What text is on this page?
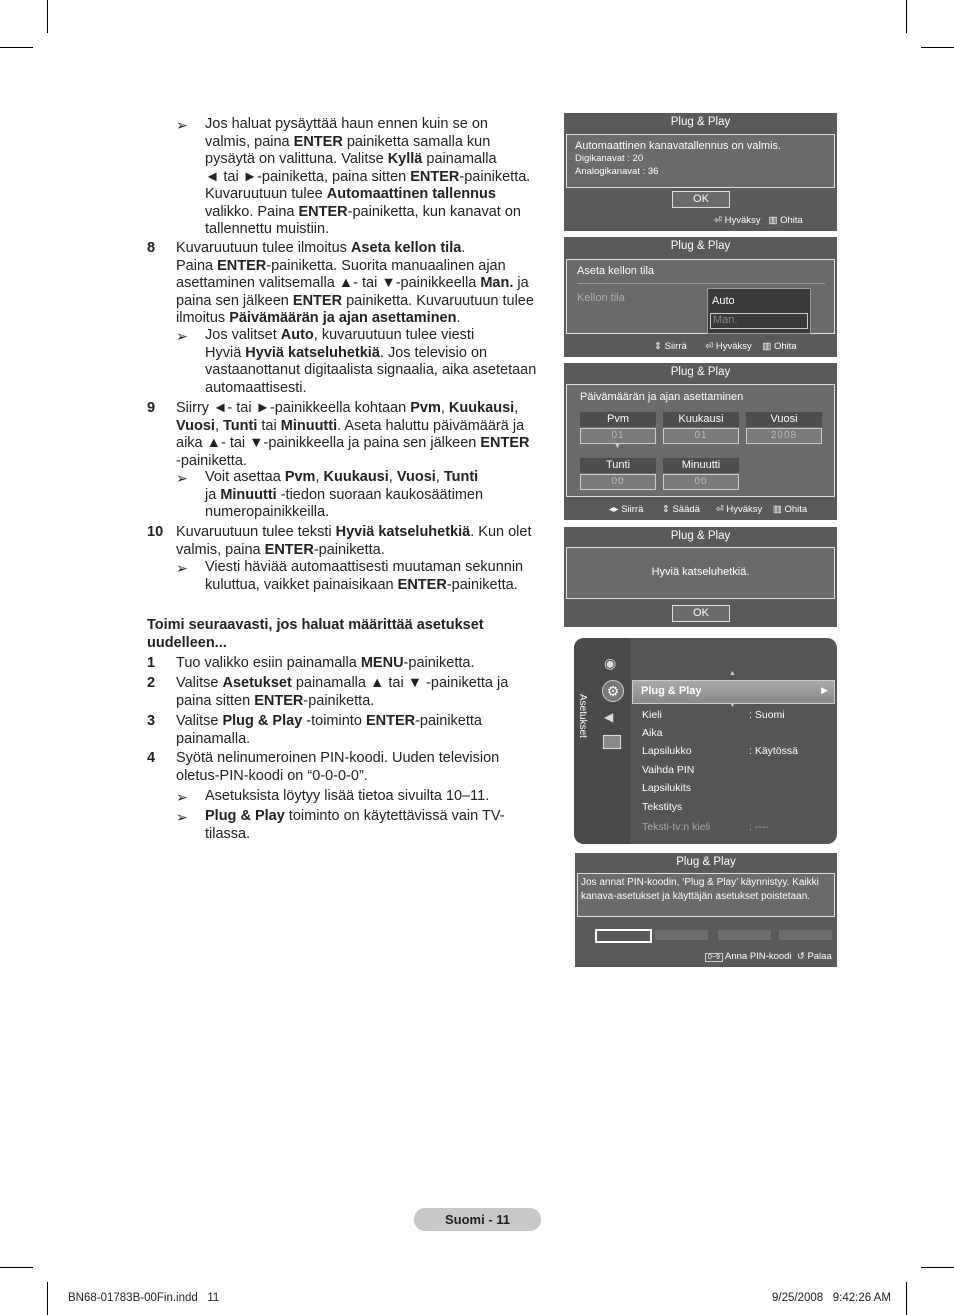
➢ Jos haluat pysäyttää haun ennen kuin se on
valmis, paina ENTER painiketta samalla kun
pysäytä on valittuna. Valitse Kyllä painamalla
◄ tai ►-painiketta, paina sitten ENTER-painiketta.
Kuvaruutuun tulee Automaattinen tallennus
valikko. Paina ENTER-painiketta, kun kanavat on
tallennettu muistiin.
8 Kuvaruutuun tulee ilmoitus Aseta kellon tila.
Paina ENTER-painiketta. Suorita manuaalinen ajan
asettaminen valitsemalla ▲- tai ▼-painikkeella Man. ja
paina sen jälkeen ENTER painiketta. Kuvaruutuun tulee
ilmoitus Päivämäärän ja ajan asettaminen.
➢ Jos valitset Auto, kuvaruutuun tulee viesti
Hyviä Hyviä katseluhetkiä. Jos televisio on
vastaanottanut digitaalista signaalia, aika asetetaan
automaattisesti.
9 Siirry ◄- tai ►-painikkeella kohtaan Pvm, Kuukausi,
Vuosi, Tunti tai Minuutti. Aseta haluttu päivämäärä ja
aika ▲- tai ▼-painikkeella ja paina sen jälkeen ENTER
-painiketta.
➢ Voit asettaa Pvm, Kuukausi, Vuosi, Tunti
ja Minuutti -tiedon suoraan kaukosäätimen
numeropainikkeilla.
10 Kuvaruutuun tulee teksti Hyviä katseluhetkiä. Kun olet
valmis, paina ENTER-painiketta.
➢ Viesti häviää automaattisesti muutaman sekunnin
kuluttua, vaikket painaisikaan ENTER-painiketta.
Toimi seuraavasti, jos haluat määrittää asetukset
uudelleen...
1 Tuo valikko esiin painamalla MENU-painiketta.
2 Valitse Asetukset painamalla ▲ tai ▼ -painiketta ja
paina sitten ENTER-painiketta.
3 Valitse Plug & Play -toiminto ENTER-painiketta
painamalla.
4 Syötä nelinumeroinen PIN-koodi. Uuden television
oletus-PIN-koodi on “0-0-0-0”.
➢ Asetuksista löytyy lisää tietoa sivuilta 10–11.
➢ Plug & Play toiminto on käytettävissä vain TV-
tilassa.
Plug & Play
Automaattinen kanavatallennus on valmis.
Digikanavat : 20
Analogikanavat : 36
OK
⏎ Hyväksy ▥ Ohita
Plug & Play
Aseta kellon tila
Kellon tila	Auto
Man.
⇕ Siirrä ⏎ Hyväksy ▥ Ohita
Plug & Play
Päivämäärän ja ajan asettaminen
Pvm	Kuukausi	Vuosi
01	01	2008
▼
Tunti	Minuutti
00	00
◂▸ Siirrä ⇕ Säädä ⏎ Hyväksy ▥ Ohita
Plug & Play
Hyviä katseluhetkiä.
OK
Asetukset
◉
⚙
◀
▲
Plug & Play	▶
▼
Kieli	: Suomi
Aika
Lapsilukko	: Käytössä
Vaihda PIN
Lapsilukits
Tekstitys
Teksti-tv:n kieli	: ----
Plug & Play
Jos annat PIN-koodin, ‘Plug & Play’ käynnistyy. Kaikki
kanava-asetukset ja käyttäjän asetukset poistetaan.
0~9 Anna PIN-koodi ↺ Palaa
Suomi - 11
BN68-01783B-00Fin.indd   11	9/25/2008   9:42:26 AM
